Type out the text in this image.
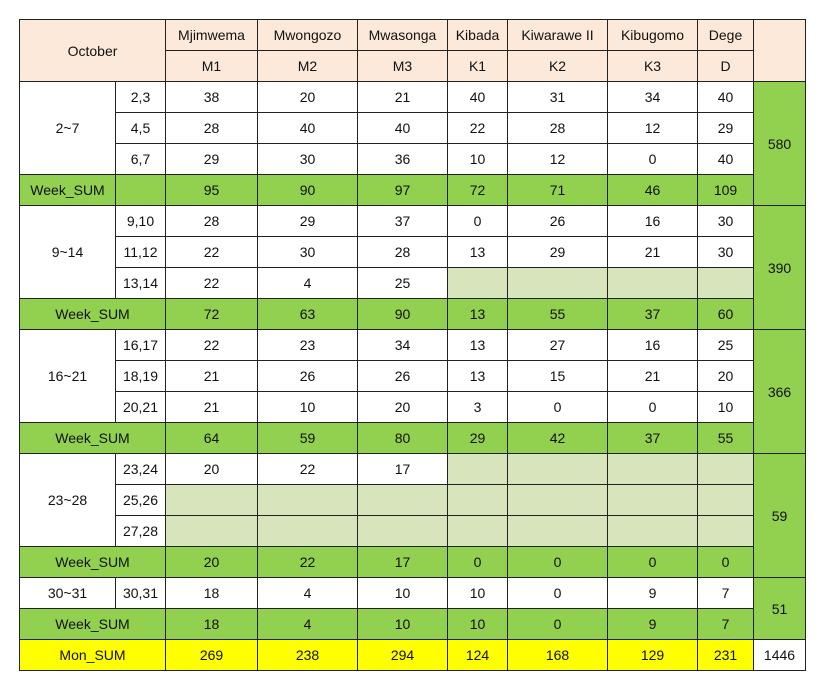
October		Mjimwema	Mwongozo	Mwasonga	Kibada	Kiwarawe II	Kibugomo	Dege	
		M1	M2	M3	K1	K2	K3	D	
2~7	2,3	38	20	21	40	31	34	40	580
	4,5	28	40	40	22	28	12	29	
	6,7	29	30	36	10	12	0	40	
Week_SUM		95	90	97	72	71	46	109	
9~14	9,10	28	29	37	0	26	16	30	390
	11,12	22	30	28	13	29	21	30	
	13,14	22	4	25					
Week_SUM		72	63	90	13	55	37	60	
16~21	16,17	22	23	34	13	27	16	25	366
	18,19	21	26	26	13	15	21	20	
	20,21	21	10	20	3	0	0	10	
Week_SUM		64	59	80	29	42	37	55	
23~28	23,24	20	22	17					59
	25,26								
	27,28								
Week_SUM		20	22	17	0	0	0	0	
30~31	30,31	18	4	10	10	0	9	7	51
Week_SUM		18	4	10	10	0	9	7	
Mon_SUM		269	238	294	124	168	129	231	1446
